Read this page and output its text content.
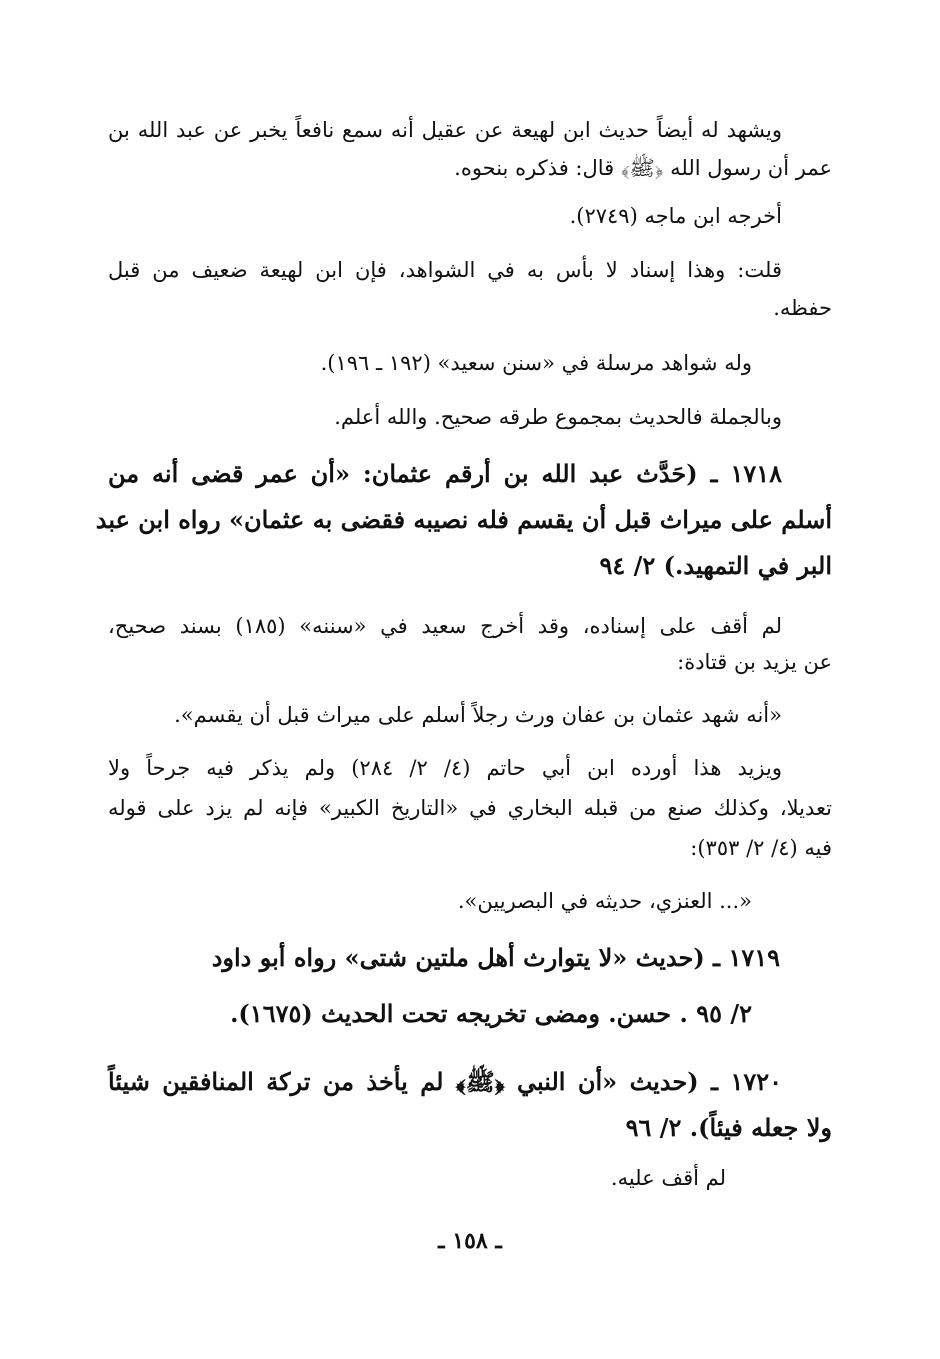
ويشهد له أيضاً حديث ابن لهيعة عن عقيل أنه سمع نافعاً يخبر عن عبد الله بن
عمر أن رسول الله ﴿ﷺ﴾ قال: فذكره بنحوه.
أخرجه ابن ماجه (٢٧٤٩).
قلت: وهذا إسناد لا بأس به في الشواهد، فإن ابن لهيعة ضعيف من قبل
حفظه.
وله شواهد مرسلة في «سنن سعيد» (١٩٢ ـ ١٩٦).
وبالجملة فالحديث بمجموع طرقه صحيح. والله أعلم.
١٧١٨ ـ (حَدَّث عبد الله بن أرقم عثمان: «أن عمر قضى أنه من
أسلم على ميراث قبل أن يقسم فله نصيبه فقضى به عثمان» رواه ابن عبد
البر في التمهيد.) ٢/ ٩٤
لم أقف على إسناده، وقد أخرج سعيد في «سننه» (١٨٥) بسند صحيح،
عن يزيد بن قتادة:
«أنه شهد عثمان بن عفان ورث رجلاً أسلم على ميراث قبل أن يقسم».
ويزيد هذا أورده ابن أبي حاتم (٤/ ٢/ ٢٨٤) ولم يذكر فيه جرحاً ولا
تعديلا، وكذلك صنع من قبله البخاري في «التاريخ الكبير» فإنه لم يزد على قوله
فيه (٤/ ٢/ ٣٥٣):
«... العنزي، حديثه في البصريين».
١٧١٩ ـ (حديث «لا يتوارث أهل ملتين شتى» رواه أبو داود
٢/ ٩٥ . حسن. ومضى تخريجه تحت الحديث (١٦٧٥).
١٧٢٠ ـ (حديث «أن النبي ﴿ﷺ﴾ لم يأخذ من تركة المنافقين شيئاً
ولا جعله فيئاً). ٢/ ٩٦
لم أقف عليه.
ـ ١٥٨ ـ
